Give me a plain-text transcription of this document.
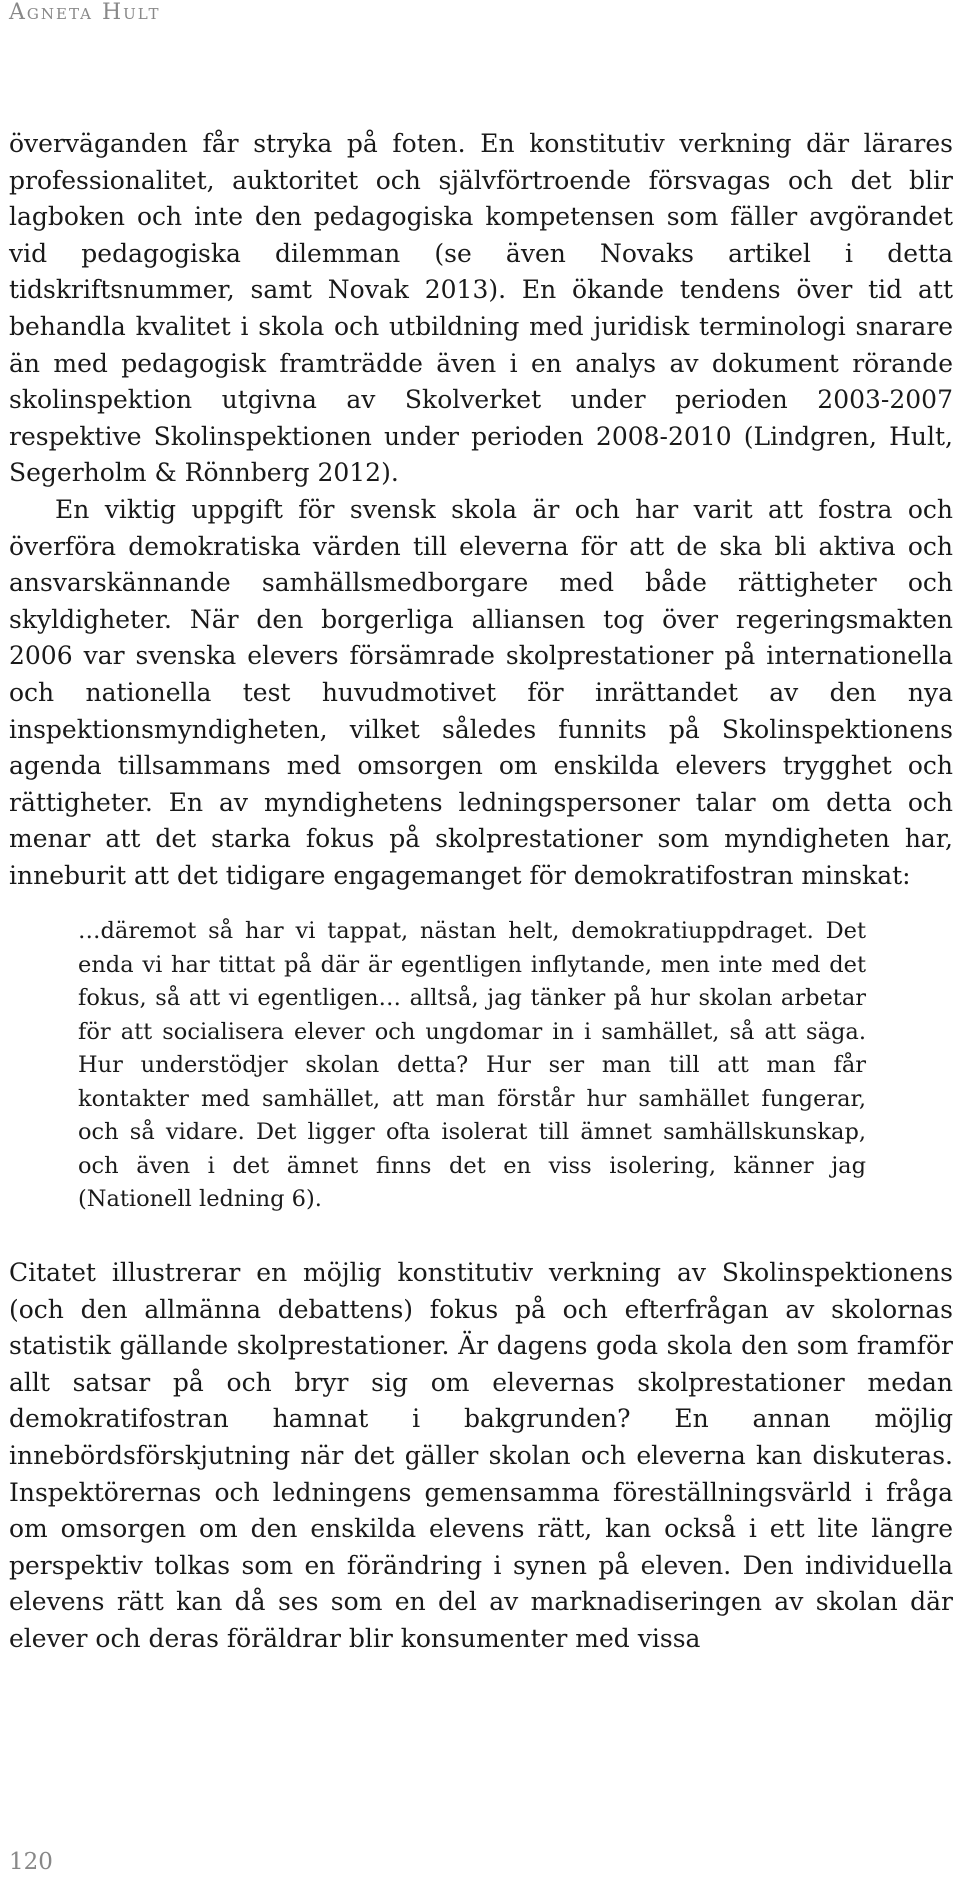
Agneta Hult

överväganden får stryka på foten. En konstitutiv verkning där lärares professionalitet, auktoritet och självförtroende försvagas och det blir lagboken och inte den pedagogiska kompetensen som fäller avgörandet vid pedagogiska dilemman (se även Novaks artikel i detta tidskriftsnummer, samt Novak 2013). En ökande tendens över tid att behandla kvalitet i skola och utbildning med juridisk terminologi snarare än med pedagogisk framträdde även i en analys av dokument rörande skolinspektion utgivna av Skolverket under perioden 2003-2007 respektive Skolinspektionen under perioden 2008-2010 (Lindgren, Hult, Segerholm & Rönnberg 2012).

En viktig uppgift för svensk skola är och har varit att fostra och överföra demokratiska värden till eleverna för att de ska bli aktiva och ansvarskännande samhällsmedborgare med både rättigheter och skyldigheter. När den borgerliga alliansen tog över regeringsmakten 2006 var svenska elevers försämrade skolprestationer på internationella och nationella test huvudmotivet för inrättandet av den nya inspektionsmyndigheten, vilket således funnits på Skolinspektionens agenda tillsammans med omsorgen om enskilda elevers trygghet och rättigheter. En av myndighetens ledningspersoner talar om detta och menar att det starka fokus på skolprestationer som myndigheten har, inneburit att det tidigare engagemanget för demokratifostran minskat:

…däremot så har vi tappat, nästan helt, demokratiuppdraget. Det enda vi har tittat på där är egentligen inflytande, men inte med det fokus, så att vi egentligen… alltså, jag tänker på hur skolan arbetar för att socialisera elever och ungdomar in i samhället, så att säga. Hur understödjer skolan detta? Hur ser man till att man får kontakter med samhället, att man förstår hur samhället fungerar, och så vidare. Det ligger ofta isolerat till ämnet samhällskunskap, och även i det ämnet finns det en viss isolering, känner jag (Nationell ledning 6).

Citatet illustrerar en möjlig konstitutiv verkning av Skolinspektionens (och den allmänna debattens) fokus på och efterfrågan av skolornas statistik gällande skolprestationer. Är dagens goda skola den som framför allt satsar på och bryr sig om elevernas skolprestationer medan demokratifostran hamnat i bakgrunden? En annan möjlig innebördsförskjutning när det gäller skolan och eleverna kan diskuteras. Inspektörernas och ledningens gemensamma föreställningsvärld i fråga om omsorgen om den enskilda elevens rätt, kan också i ett lite längre perspektiv tolkas som en förändring i synen på eleven. Den individuella elevens rätt kan då ses som en del av marknadiseringen av skolan där elever och deras föräldrar blir konsumenter med vissa

120
